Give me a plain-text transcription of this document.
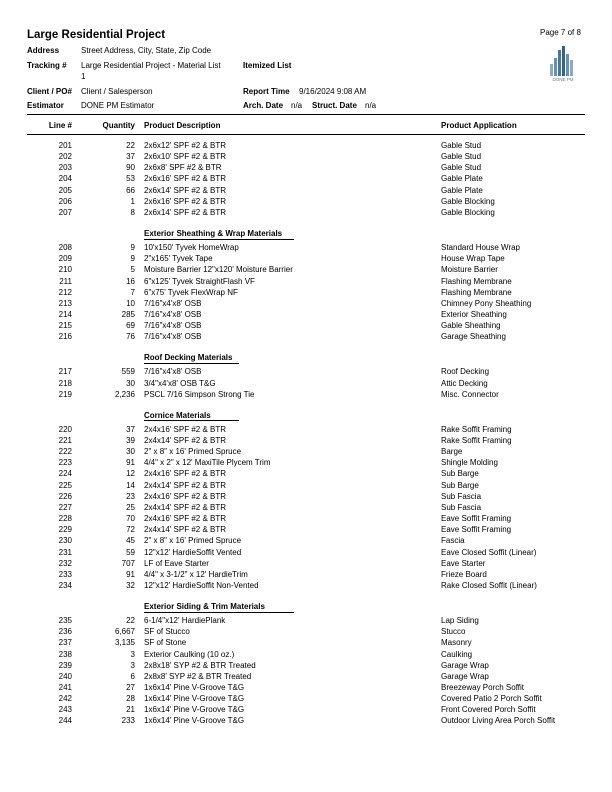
Large Residential Project	Page 7 of 8
DONE PM
Address	Street Address, City, State, Zip Code
Tracking # Large Residential Project - Material List
1
Itemized List
Client / PO# Client / Salesperson	Report Time 9/16/2024 9:08 AM
Estimator DONE PM Estimator	Arch. Date n/a Struct. Date n/a
Line #	Quantity Product Description	Product Application
201	22 2x6x12' SPF #2 & BTR	Gable Stud
202	37 2x6x10' SPF #2 & BTR	Gable Stud
203	90 2x6x8' SPF #2 & BTR	Gable Stud
204	53 2x6x16' SPF #2 & BTR	Gable Plate
205	66 2x6x14' SPF #2 & BTR	Gable Plate
206	1 2x6x16' SPF #2 & BTR	Gable Blocking
207	8 2x6x14' SPF #2 & BTR	Gable Blocking
Exterior Sheathing & Wrap Materials
208	9 10'x150' Tyvek HomeWrap	Standard House Wrap
209	9 2"x165' Tyvek Tape	House Wrap Tape
210	5 Moisture Barrier 12"x120' Moisture Barrier	Moisture Barrier
211	16 6"x125' Tyvek StraightFlash VF	Flashing Membrane
212	7 6"x75' Tyvek FlexWrap NF	Flashing Membrane
213	10 7/16"x4'x8' OSB	Chimney Pony Sheathing
214	285 7/16"x4'x8' OSB	Exterior Sheathing
215	69 7/16"x4'x8' OSB	Gable Sheathing
216	76 7/16"x4'x8' OSB	Garage Sheathing
Roof Decking Materials
217	559 7/16"x4'x8' OSB	Roof Decking
218	30 3/4"x4'x8' OSB T&G	Attic Decking
219	2,236 PSCL 7/16 Simpson Strong Tie	Misc. Connector
Cornice Materials
220	37 2x4x16' SPF #2 & BTR	Rake Soffit Framing
221	39 2x4x14' SPF #2 & BTR	Rake Soffit Framing
222	30 2" x 8" x 16' Primed Spruce	Barge
223	91 4/4" x 2" x 12' MaxiTile Plycem Trim	Shingle Molding
224	12 2x4x16' SPF #2 & BTR	Sub Barge
225	14 2x4x14' SPF #2 & BTR	Sub Barge
226	23 2x4x16' SPF #2 & BTR	Sub Fascia
227	25 2x4x14' SPF #2 & BTR	Sub Fascia
228	70 2x4x16' SPF #2 & BTR	Eave Soffit Framing
229	72 2x4x14' SPF #2 & BTR	Eave Soffit Framing
230	45 2" x 8" x 16' Primed Spruce	Fascia
231	59 12"x12' HardieSoffit Vented	Eave Closed Soffit (Linear)
232	707 LF of Eave Starter	Eave Starter
233	91 4/4" x 3-1/2" x 12' HardieTrim	Frieze Board
234	32 12"x12' HardieSoffit Non-Vented	Rake Closed Soffit (Linear)
Exterior Siding & Trim Materials
235	22 6-1/4"x12' HardiePlank	Lap Siding
236	6,667 SF of Stucco	Stucco
237	3,135 SF of Stone	Masonry
238	3 Exterior Caulking (10 oz.)	Caulking
239	3 2x8x18' SYP #2 & BTR Treated	Garage Wrap
240	6 2x8x8' SYP #2 & BTR Treated	Garage Wrap
241	27 1x6x14' Pine V-Groove T&G	Breezeway Porch Soffit
242	28 1x6x14' Pine V-Groove T&G	Covered Patio 2 Porch Soffit
243	21 1x6x14' Pine V-Groove T&G	Front Covered Porch Soffit
244	233 1x6x14' Pine V-Groove T&G	Outdoor Living Area Porch Soffit
